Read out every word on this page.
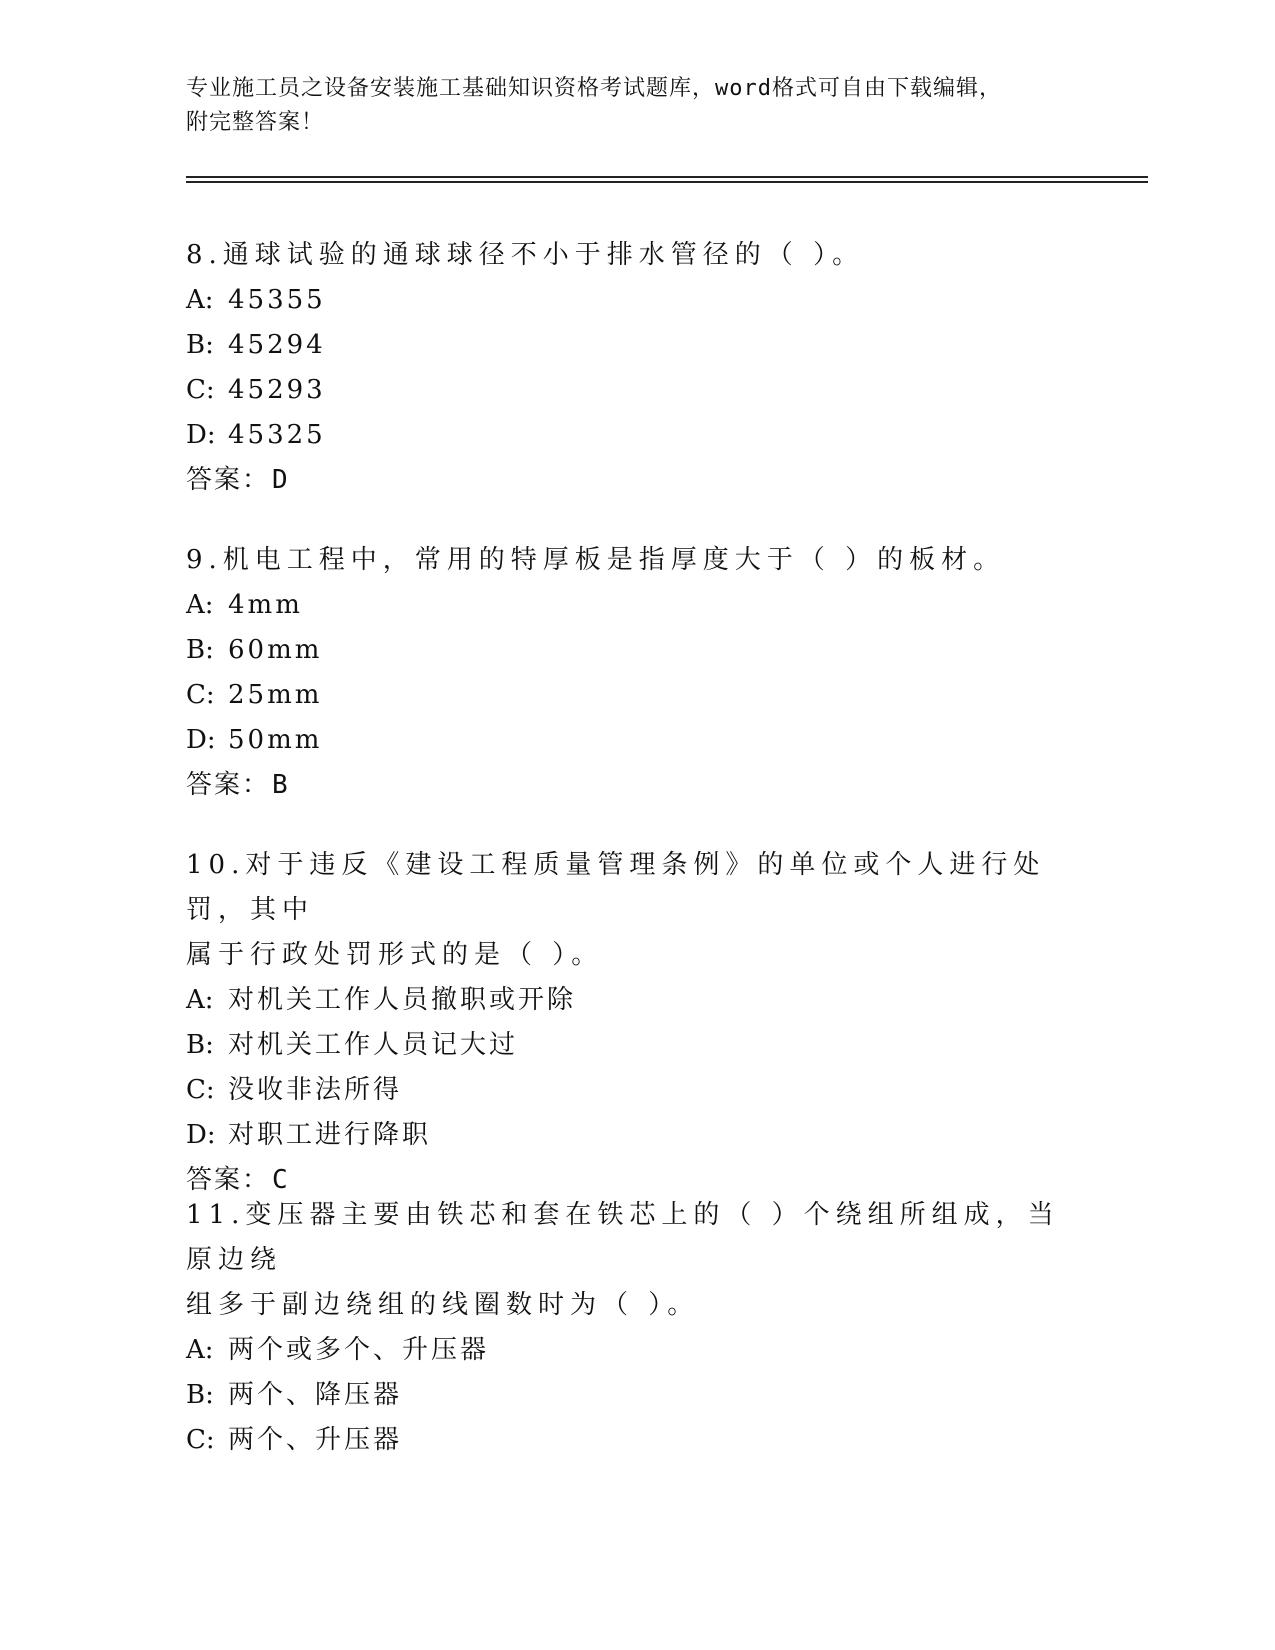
专业施工员之设备安装施工基础知识资格考试题库，word格式可自由下载编辑，
附完整答案！

8.通球试验的通球球径不小于排水管径的（ ）。

A: 45355
B: 45294
C: 45293
D: 45325
答案：D

9.机电工程中，常用的特厚板是指厚度大于（ ）的板材。

A: 4mm
B: 60mm
C: 25mm
D: 50mm
答案：B

10.对于违反《建设工程质量管理条例》的单位或个人进行处罚，其中

属于行政处罚形式的是（ ）。

A: 对机关工作人员撤职或开除
B: 对机关工作人员记大过
C: 没收非法所得
D: 对职工进行降职
答案：C

11.变压器主要由铁芯和套在铁芯上的（ ）个绕组所组成，当原边绕

组多于副边绕组的线圈数时为（ ）。

A: 两个或多个、升压器
B: 两个、降压器
C: 两个、升压器
